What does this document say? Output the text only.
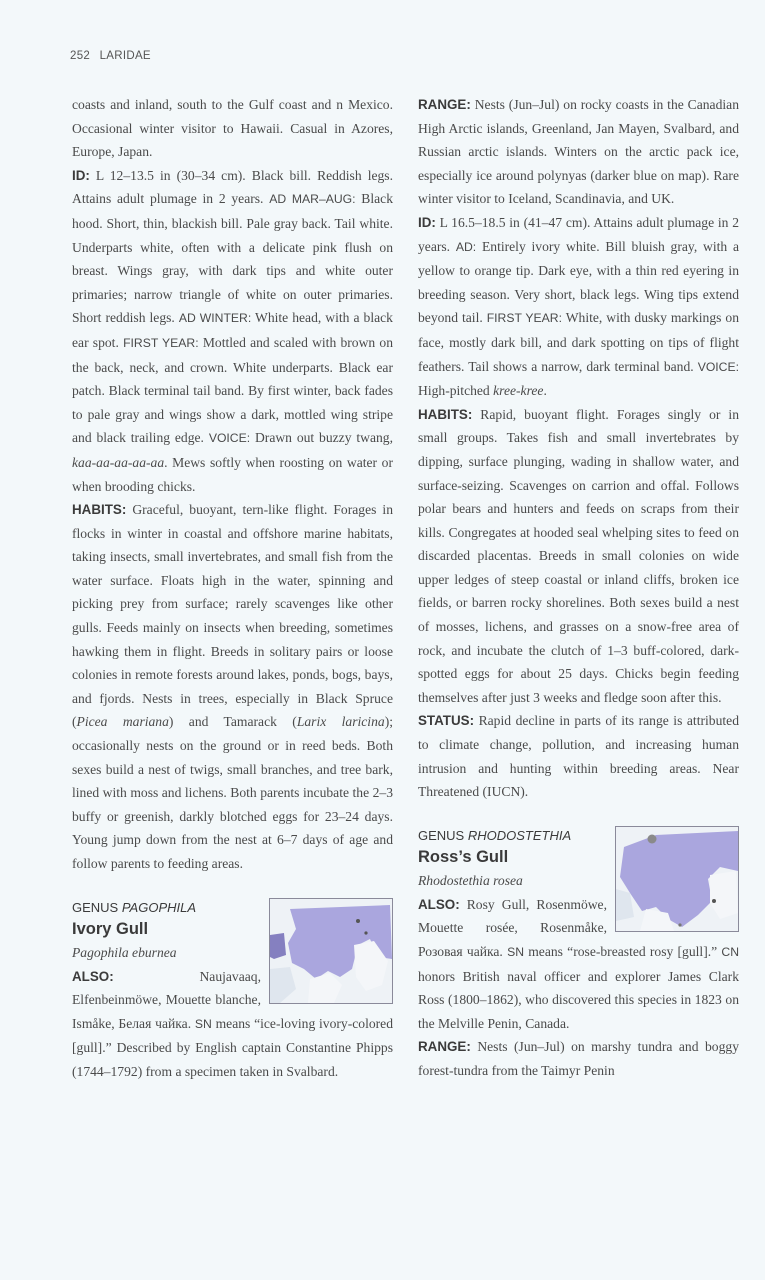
252 LARIDAE

coasts and inland, south to the Gulf coast and n Mexico. Occasional winter visitor to Hawaii. Casual in Azores, Europe, Japan.

ID: L 12–13.5 in (30–34 cm). Black bill. Reddish legs. Attains adult plumage in 2 years. AD MAR–AUG: Black hood. Short, thin, blackish bill. Pale gray back. Tail white. Underparts white, often with a delicate pink flush on breast. Wings gray, with dark tips and white outer primaries; narrow triangle of white on outer primaries. Short reddish legs. AD WINTER: White head, with a black ear spot. FIRST YEAR: Mottled and scaled with brown on the back, neck, and crown. White underparts. Black ear patch. Black terminal tail band. By first winter, back fades to pale gray and wings show a dark, mottled wing stripe and black trailing edge. VOICE: Drawn out buzzy twang, kaa-aa-aa-aa-aa. Mews softly when roosting on water or when brooding chicks.

HABITS: Graceful, buoyant, tern-like flight. Forages in flocks in winter in coastal and offshore marine habitats, taking insects, small invertebrates, and small fish from the water surface. Floats high in the water, spinning and picking prey from surface; rarely scavenges like other gulls. Feeds mainly on insects when breeding, sometimes hawking them in flight. Breeds in solitary pairs or loose colonies in remote forests around lakes, ponds, bogs, bays, and fjords. Nests in trees, especially in Black Spruce (Picea mariana) and Tamarack (Larix laricina); occasionally nests on the ground or in reed beds. Both sexes build a nest of twigs, small branches, and tree bark, lined with moss and lichens. Both parents incubate the 2–3 buffy or greenish, darkly blotched eggs for 23–24 days. Young jump down from the nest at 6–7 days of age and follow parents to feeding areas.

GENUS PAGOPHILA
Ivory Gull
Pagophila eburnea

ALSO: Naujavaaq, Elfenbeinmöwe, Mouette blanche, Ismåke, Белая чайка. SN means “ice-loving ivory-colored [gull].” Described by English captain Constantine Phipps (1744–1792) from a specimen taken in Svalbard.

RANGE: Nests (Jun–Jul) on rocky coasts in the Canadian High Arctic islands, Greenland, Jan Mayen, Svalbard, and Russian arctic islands. Winters on the arctic pack ice, especially ice around polynyas (darker blue on map). Rare winter visitor to Iceland, Scandinavia, and UK.

ID: L 16.5–18.5 in (41–47 cm). Attains adult plumage in 2 years. AD: Entirely ivory white. Bill bluish gray, with a yellow to orange tip. Dark eye, with a thin red eyering in breeding season. Very short, black legs. Wing tips extend beyond tail. FIRST YEAR: White, with dusky markings on face, mostly dark bill, and dark spotting on tips of flight feathers. Tail shows a narrow, dark terminal band. VOICE: High-pitched kree-kree.

HABITS: Rapid, buoyant flight. Forages singly or in small groups. Takes fish and small invertebrates by dipping, surface plunging, wading in shallow water, and surface-seizing. Scavenges on carrion and offal. Follows polar bears and hunters and feeds on scraps from their kills. Congregates at hooded seal whelping sites to feed on discarded placentas. Breeds in small colonies on wide upper ledges of steep coastal or inland cliffs, broken ice fields, or barren rocky shorelines. Both sexes build a nest of mosses, lichens, and grasses on a snow-free area of rock, and incubate the clutch of 1–3 buff-colored, dark-spotted eggs for about 25 days. Chicks begin feeding themselves after just 3 weeks and fledge soon after this.

STATUS: Rapid decline in parts of its range is attributed to climate change, pollution, and increasing human intrusion and hunting within breeding areas. Near Threatened (IUCN).

GENUS RHODOSTETHIA
Ross’s Gull
Rhodostethia rosea

ALSO: Rosy Gull, Rosenmöwe, Mouette rosée, Rosenmåke, Розовая чайка. SN means “rose-breasted rosy [gull].” CN honors British naval officer and explorer James Clark Ross (1800–1862), who discovered this species in 1823 on the Melville Penin, Canada.

RANGE: Nests (Jun–Jul) on marshy tundra and boggy forest-tundra from the Taimyr Penin
